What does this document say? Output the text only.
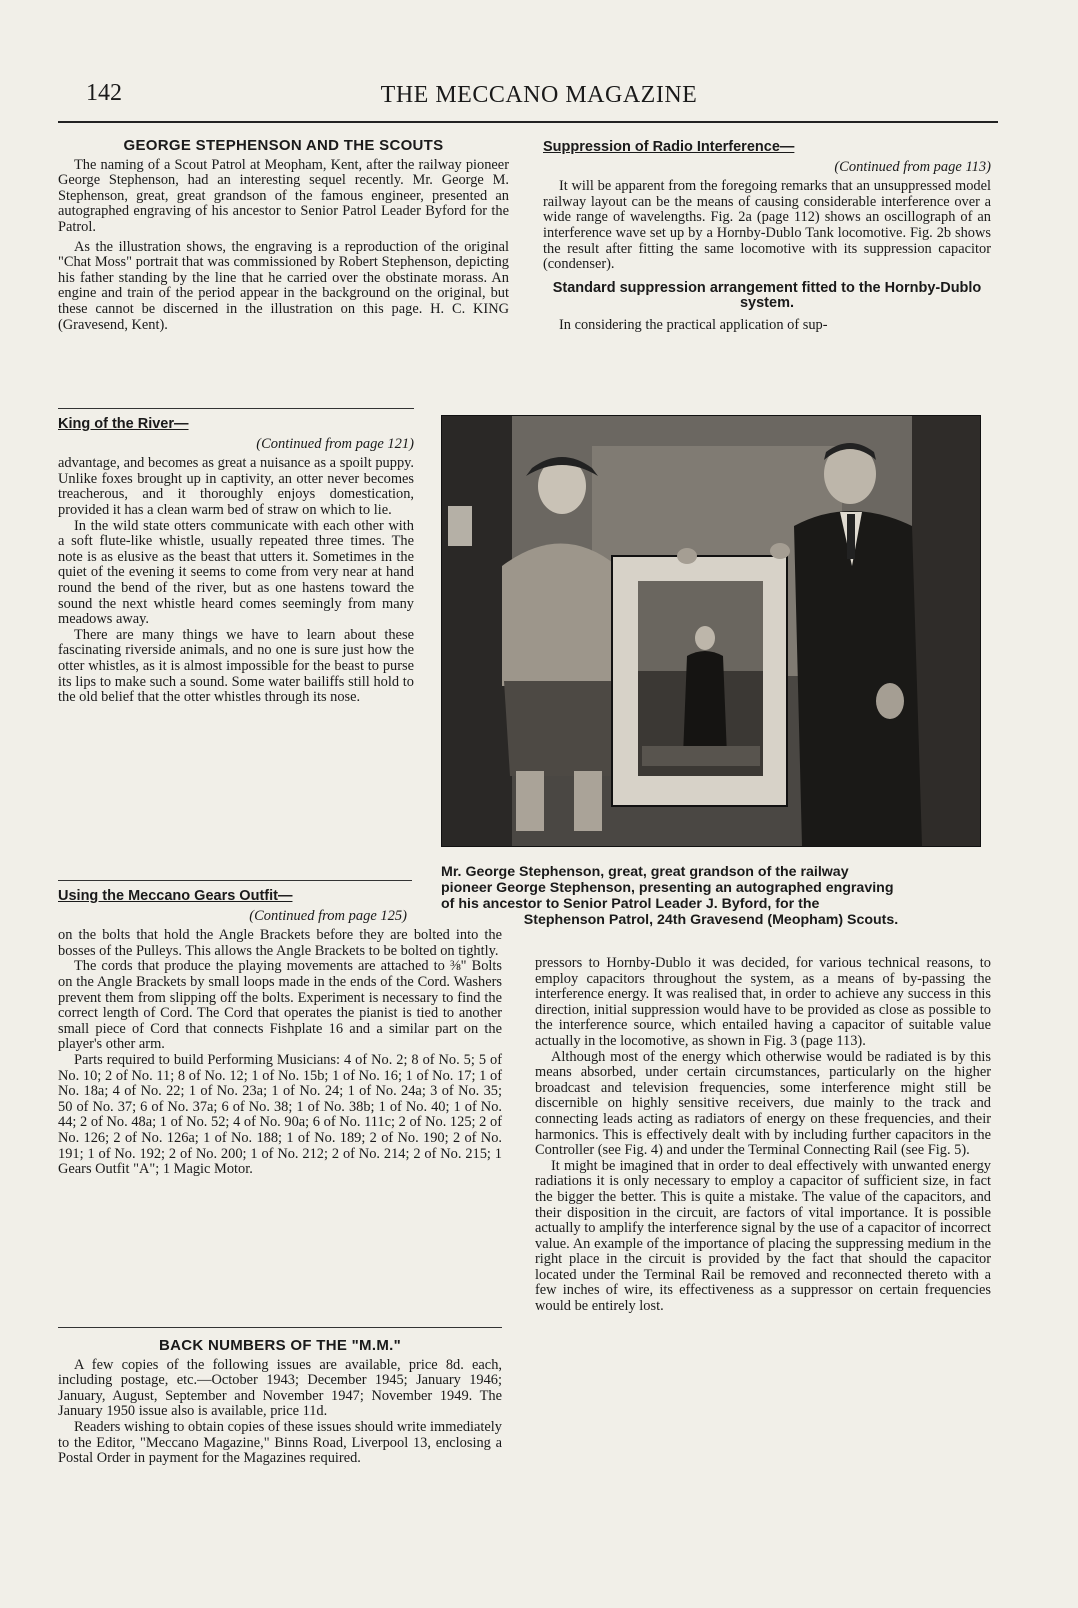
142	THE MECCANO MAGAZINE
GEORGE STEPHENSON AND THE SCOUTS

The naming of a Scout Patrol at Meopham, Kent, after the railway pioneer George Stephenson, had an interesting sequel recently. Mr. George M. Stephenson, great, great grandson of the famous engineer, presented an autographed engraving of his ancestor to Senior Patrol Leader Byford for the Patrol.

As the illustration shows, the engraving is a reproduction of the original "Chat Moss" portrait that was commissioned by Robert Stephenson, depicting his father standing by the line that he carried over the obstinate morass. An engine and train of the period appear in the background on the original, but these cannot be discerned in the illustration on this page. H. C. KING (Gravesend, Kent).

King of the River—
(Continued from page 121)

advantage, and becomes as great a nuisance as a spoilt puppy. Unlike foxes brought up in captivity, an otter never becomes treacherous, and it thoroughly enjoys domestication, provided it has a clean warm bed of straw on which to lie.

In the wild state otters communicate with each other with a soft flute-like whistle, usually repeated three times. The note is as elusive as the beast that utters it. Sometimes in the quiet of the evening it seems to come from very near at hand round the bend of the river, but as one hastens toward the sound the next whistle heard comes seemingly from many meadows away.

There are many things we have to learn about these fascinating riverside animals, and no one is sure just how the otter whistles, as it is almost impossible for the beast to purse its lips to make such a sound. Some water bailiffs still hold to the old belief that the otter whistles through its nose.

Mr. George Stephenson, great, great grandson of the railway
pioneer George Stephenson, presenting an autographed engraving
of his ancestor to Senior Patrol Leader J. Byford, for the
Stephenson Patrol, 24th Gravesend (Meopham) Scouts.
Using the Meccano Gears Outfit—
(Continued from page 125)

on the bolts that hold the Angle Brackets before they are bolted into the bosses of the Pulleys. This allows the Angle Brackets to be bolted on tightly.

The cords that produce the playing movements are attached to ⅜" Bolts on the Angle Brackets by small loops made in the ends of the Cord. Washers prevent them from slipping off the bolts. Experiment is necessary to find the correct length of Cord. The Cord that operates the pianist is tied to another small piece of Cord that connects Fishplate 16 and a similar part on the player's other arm.

Parts required to build Performing Musicians: 4 of No. 2; 8 of No. 5; 5 of No. 10; 2 of No. 11; 8 of No. 12; 1 of No. 15b; 1 of No. 16; 1 of No. 17; 1 of No. 18a; 4 of No. 22; 1 of No. 23a; 1 of No. 24; 1 of No. 24a; 3 of No. 35; 50 of No. 37; 6 of No. 37a; 6 of No. 38; 1 of No. 38b; 1 of No. 40; 1 of No. 44; 2 of No. 48a; 1 of No. 52; 4 of No. 90a; 6 of No. 111c; 2 of No. 125; 2 of No. 126; 2 of No. 126a; 1 of No. 188; 1 of No. 189; 2 of No. 190; 2 of No. 191; 1 of No. 192; 2 of No. 200; 1 of No. 212; 2 of No. 214; 2 of No. 215; 1 Gears Outfit "A"; 1 Magic Motor.

BACK NUMBERS OF THE "M.M."

A few copies of the following issues are available, price 8d. each, including postage, etc.—October 1943; December 1945; January 1946; January, August, September and November 1947; November 1949. The January 1950 issue also is available, price 11d.

Readers wishing to obtain copies of these issues should write immediately to the Editor, "Meccano Magazine," Binns Road, Liverpool 13, enclosing a Postal Order in payment for the Magazines required.

Suppression of Radio Interference—
(Continued from page 113)

It will be apparent from the foregoing remarks that an unsuppressed model railway layout can be the means of causing considerable interference over a wide range of wavelengths. Fig. 2a (page 112) shows an oscillograph of an interference wave set up by a Hornby-Dublo Tank locomotive. Fig. 2b shows the result after fitting the same locomotive with its suppression capacitor (condenser).

Standard suppression arrangement fitted to the Hornby-Dublo system.

In considering the practical application of sup-

pressors to Hornby-Dublo it was decided, for various technical reasons, to employ capacitors throughout the system, as a means of by-passing the interference energy. It was realised that, in order to achieve any success in this direction, initial suppression would have to be provided as close as possible to the interference source, which entailed having a capacitor of suitable value actually in the locomotive, as shown in Fig. 3 (page 113).

Although most of the energy which otherwise would be radiated is by this means absorbed, under certain circumstances, particularly on the higher broadcast and television frequencies, some interference might still be discernible on highly sensitive receivers, due mainly to the track and connecting leads acting as radiators of energy on these frequencies, and their harmonics. This is effectively dealt with by including further capacitors in the Controller (see Fig. 4) and under the Terminal Connecting Rail (see Fig. 5).

It might be imagined that in order to deal effectively with unwanted energy radiations it is only necessary to employ a capacitor of sufficient size, in fact the bigger the better. This is quite a mistake. The value of the capacitors, and their disposition in the circuit, are factors of vital importance. It is possible actually to amplify the interference signal by the use of a capacitor of incorrect value. An example of the importance of placing the suppressing medium in the right place in the circuit is provided by the fact that should the capacitor located under the Terminal Rail be removed and reconnected thereto with a few inches of wire, its effectiveness as a suppressor on certain frequencies would be entirely lost.
